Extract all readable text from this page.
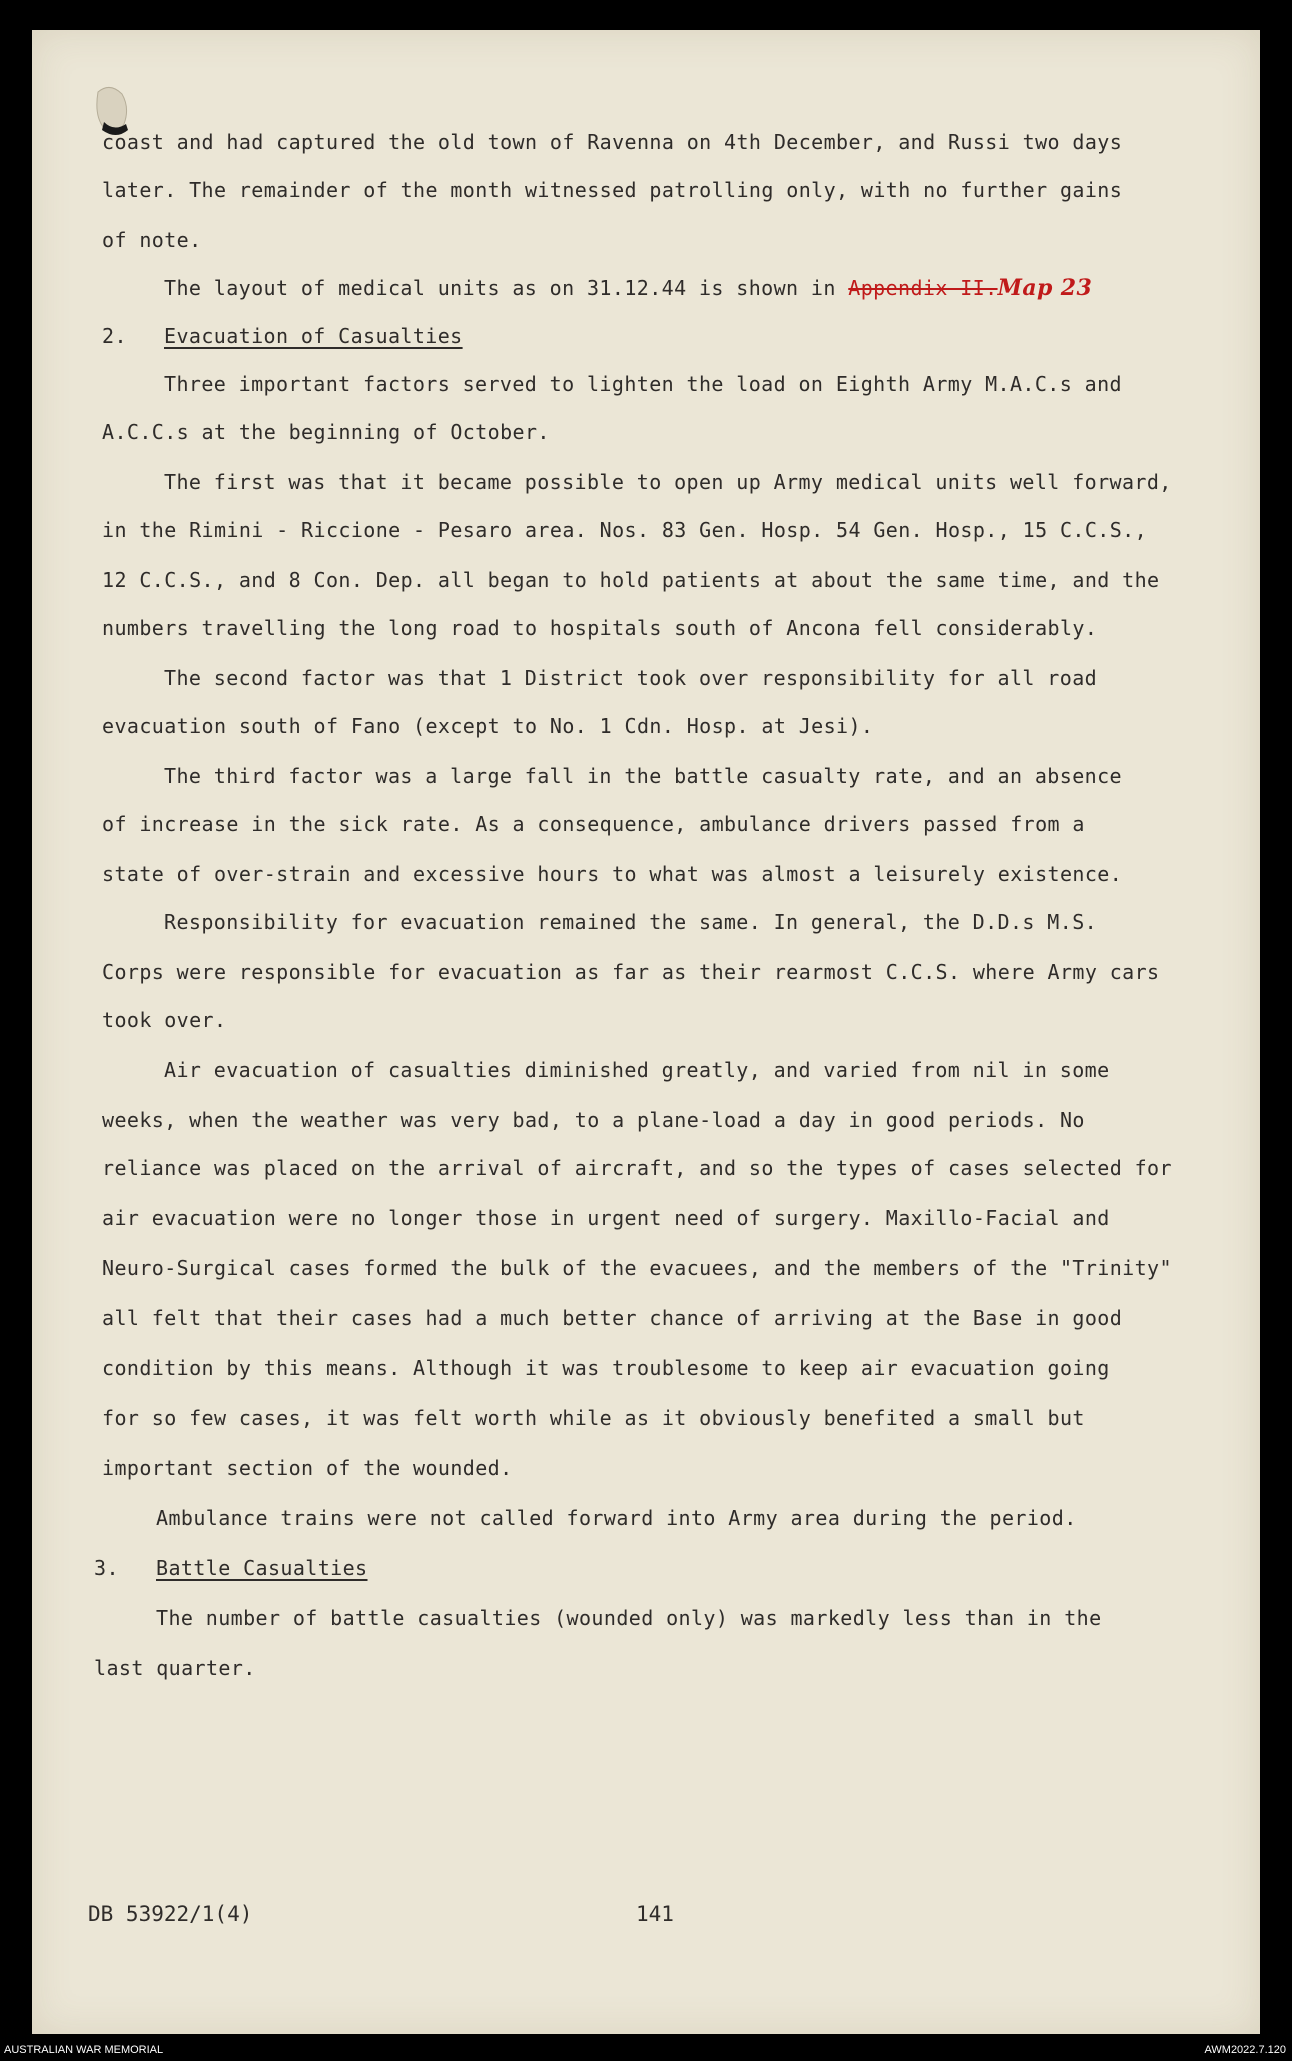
coast and had captured the old town of Ravenna on 4th December, and Russi two days
later. The remainder of the month witnessed patrolling only, with no further gains
of note.
The layout of medical units as on 31.12.44 is shown in Appendix II.Map 23
2. Evacuation of Casualties
Three important factors served to lighten the load on Eighth Army M.A.C.s and
A.C.C.s at the beginning of October.
The first was that it became possible to open up Army medical units well forward,
in the Rimini - Riccione - Pesaro area. Nos. 83 Gen. Hosp. 54 Gen. Hosp., 15 C.C.S.,
12 C.C.S., and 8 Con. Dep. all began to hold patients at about the same time, and the
numbers travelling the long road to hospitals south of Ancona fell considerably.
The second factor was that 1 District took over responsibility for all road
evacuation south of Fano (except to No. 1 Cdn. Hosp. at Jesi).
The third factor was a large fall in the battle casualty rate, and an absence
of increase in the sick rate. As a consequence, ambulance drivers passed from a
state of over-strain and excessive hours to what was almost a leisurely existence.
Responsibility for evacuation remained the same. In general, the D.D.s M.S.
Corps were responsible for evacuation as far as their rearmost C.C.S. where Army cars
took over.
Air evacuation of casualties diminished greatly, and varied from nil in some
weeks, when the weather was very bad, to a plane-load a day in good periods. No
reliance was placed on the arrival of aircraft, and so the types of cases selected for
air evacuation were no longer those in urgent need of surgery. Maxillo-Facial and
Neuro-Surgical cases formed the bulk of the evacuees, and the members of the "Trinity"
all felt that their cases had a much better chance of arriving at the Base in good
condition by this means. Although it was troublesome to keep air evacuation going
for so few cases, it was felt worth while as it obviously benefited a small but
important section of the wounded.
Ambulance trains were not called forward into Army area during the period.
3. Battle Casualties
The number of battle casualties (wounded only) was markedly less than in the
last quarter.
DB 53922/1(4)	141
AUSTRALIAN WAR MEMORIAL	AWM2022.7.120
